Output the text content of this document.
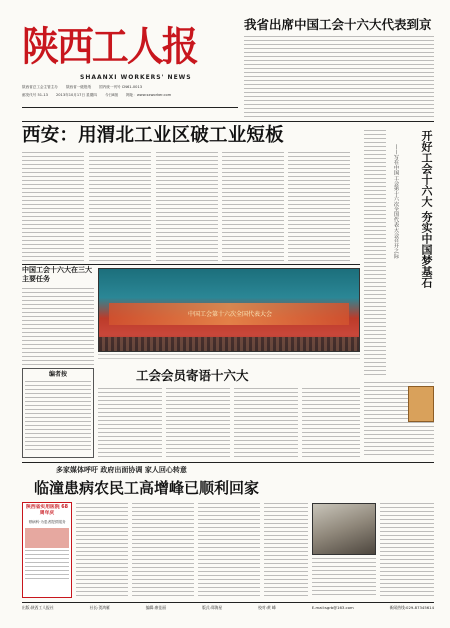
陕西工人报
SHAANXI WORKERS' NEWS
陕西省总工会主管主办 陕西省一级报纸 国内统一刊号 CN61-0013
邮发代号 51-13 2013年10月17日 星期四 今日8版 网址：www.sxworker.com
我省出席中国工会十六大代表到京
西安：用渭北工业区破工业短板
中国工会十六大在三大主要任务
中国工会第十六次全国代表大会
编者按	工会会员寄语十六大
开好工会十六大 夯实中国梦基石
——写在中国工会第十六次全国代表大会召开之际
多家媒体呼吁 政府出面协调 家人回心转意
临潼患病农民工高增峰已顺利回家
陕西省实用医院 68周年庆
肾病科·为患者提供服务
出版:陕西工人报社	社长:贺鸿雁	编辑:康佳丽	版式:郑海星	校对:黄 峰	E-mail:sgrb@163.com	新闻热线:029-87345614
